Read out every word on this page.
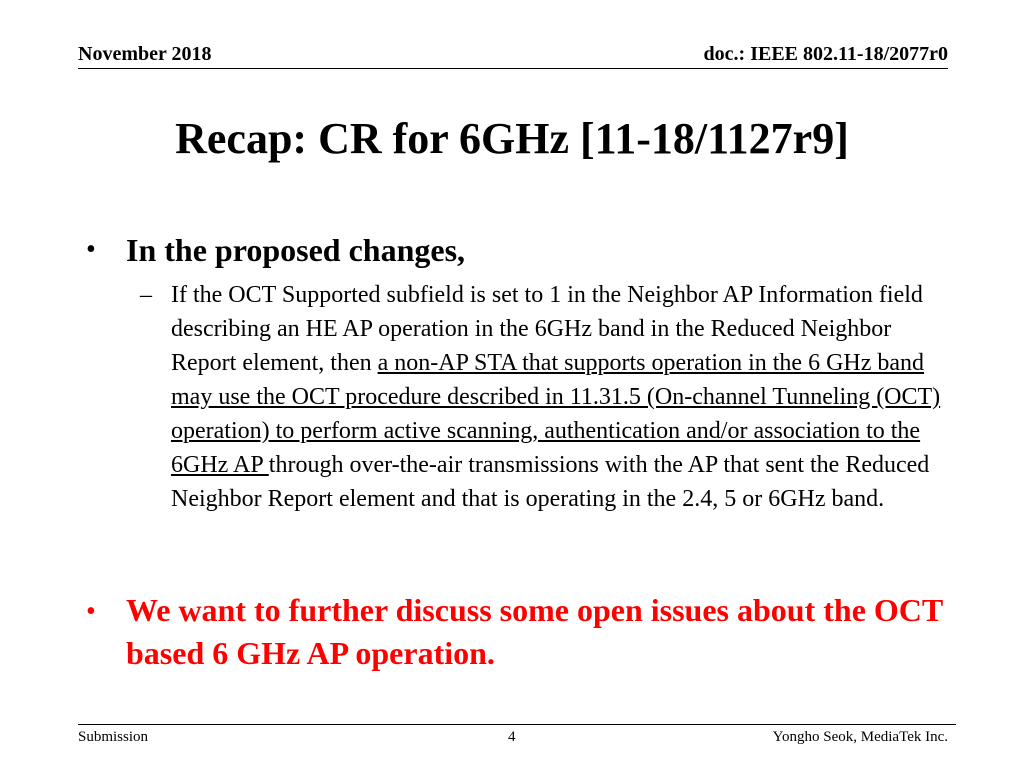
November 2018	doc.: IEEE 802.11-18/2077r0
Recap: CR for 6GHz [11-18/1127r9]
• In the proposed changes,
– If the OCT Supported subfield is set to 1 in the Neighbor AP Information field describing an HE AP operation in the 6GHz band in the Reduced Neighbor Report element, then a non-AP STA that supports operation in the 6 GHz band may use the OCT procedure described in 11.31.5 (On-channel Tunneling (OCT) operation) to perform active scanning, authentication and/or association to the 6GHz AP through over-the-air transmissions with the AP that sent the Reduced Neighbor Report element and that is operating in the 2.4, 5 or 6GHz band.
• We want to further discuss some open issues about the OCT based 6 GHz AP operation.
Submission	4	Yongho Seok, MediaTek Inc.
